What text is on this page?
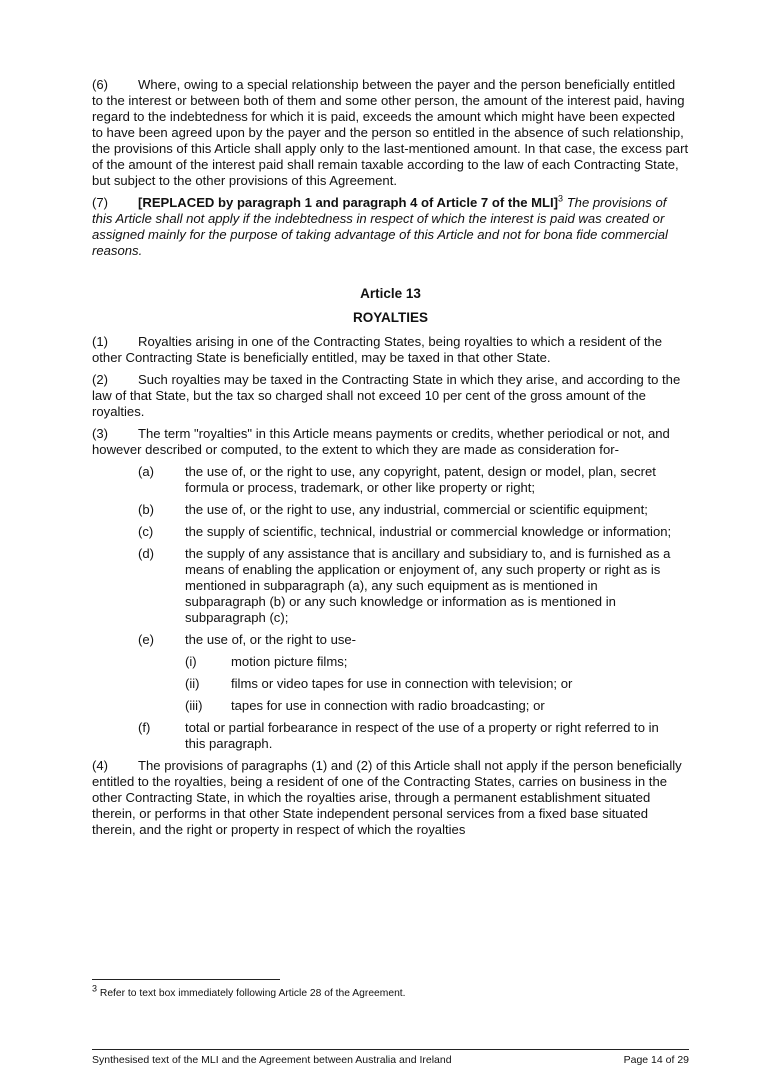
(6) Where, owing to a special relationship between the payer and the person beneficially entitled to the interest or between both of them and some other person, the amount of the interest paid, having regard to the indebtedness for which it is paid, exceeds the amount which might have been expected to have been agreed upon by the payer and the person so entitled in the absence of such relationship, the provisions of this Article shall apply only to the last-mentioned amount. In that case, the excess part of the amount of the interest paid shall remain taxable according to the law of each Contracting State, but subject to the other provisions of this Agreement.

(7) [REPLACED by paragraph 1 and paragraph 4 of Article 7 of the MLI]$^3$ The provisions of this Article shall not apply if the indebtedness in respect of which the interest is paid was created or assigned mainly for the purpose of taking advantage of this Article and not for bona fide commercial reasons.

Article 13
ROYALTIES

(1) Royalties arising in one of the Contracting States, being royalties to which a resident of the other Contracting State is beneficially entitled, may be taxed in that other State.

(2) Such royalties may be taxed in the Contracting State in which they arise, and according to the law of that State, but the tax so charged shall not exceed 10 per cent of the gross amount of the royalties.

(3) The term "royalties" in this Article means payments or credits, whether periodical or not, and however described or computed, to the extent to which they are made as consideration for-

(a)	the use of, or the right to use, any copyright, patent, design or model, plan, secret formula or process, trademark, or other like property or right;
(b)	the use of, or the right to use, any industrial, commercial or scientific equipment;
(c)	the supply of scientific, technical, industrial or commercial knowledge or information;
(d)	the supply of any assistance that is ancillary and subsidiary to, and is furnished as a means of enabling the application or enjoyment of, any such property or right as is mentioned in subparagraph (a), any such equipment as is mentioned in subparagraph (b) or any such knowledge or information as is mentioned in subparagraph (c);
(e)	the use of, or the right to use-
(i)	motion picture films;
(ii)	films or video tapes for use in connection with television; or
(iii)	tapes for use in connection with radio broadcasting; or
(f)	total or partial forbearance in respect of the use of a property or right referred to in this paragraph.

(4) The provisions of paragraphs (1) and (2) of this Article shall not apply if the person beneficially entitled to the royalties, being a resident of one of the Contracting States, carries on business in the other Contracting State, in which the royalties arise, through a permanent establishment situated therein, or performs in that other State independent personal services from a fixed base situated therein, and the right or property in respect of which the royalties

$^3$ Refer to text box immediately following Article 28 of the Agreement.
Synthesised text of the MLI and the Agreement between Australia and Ireland	Page 14 of 29
